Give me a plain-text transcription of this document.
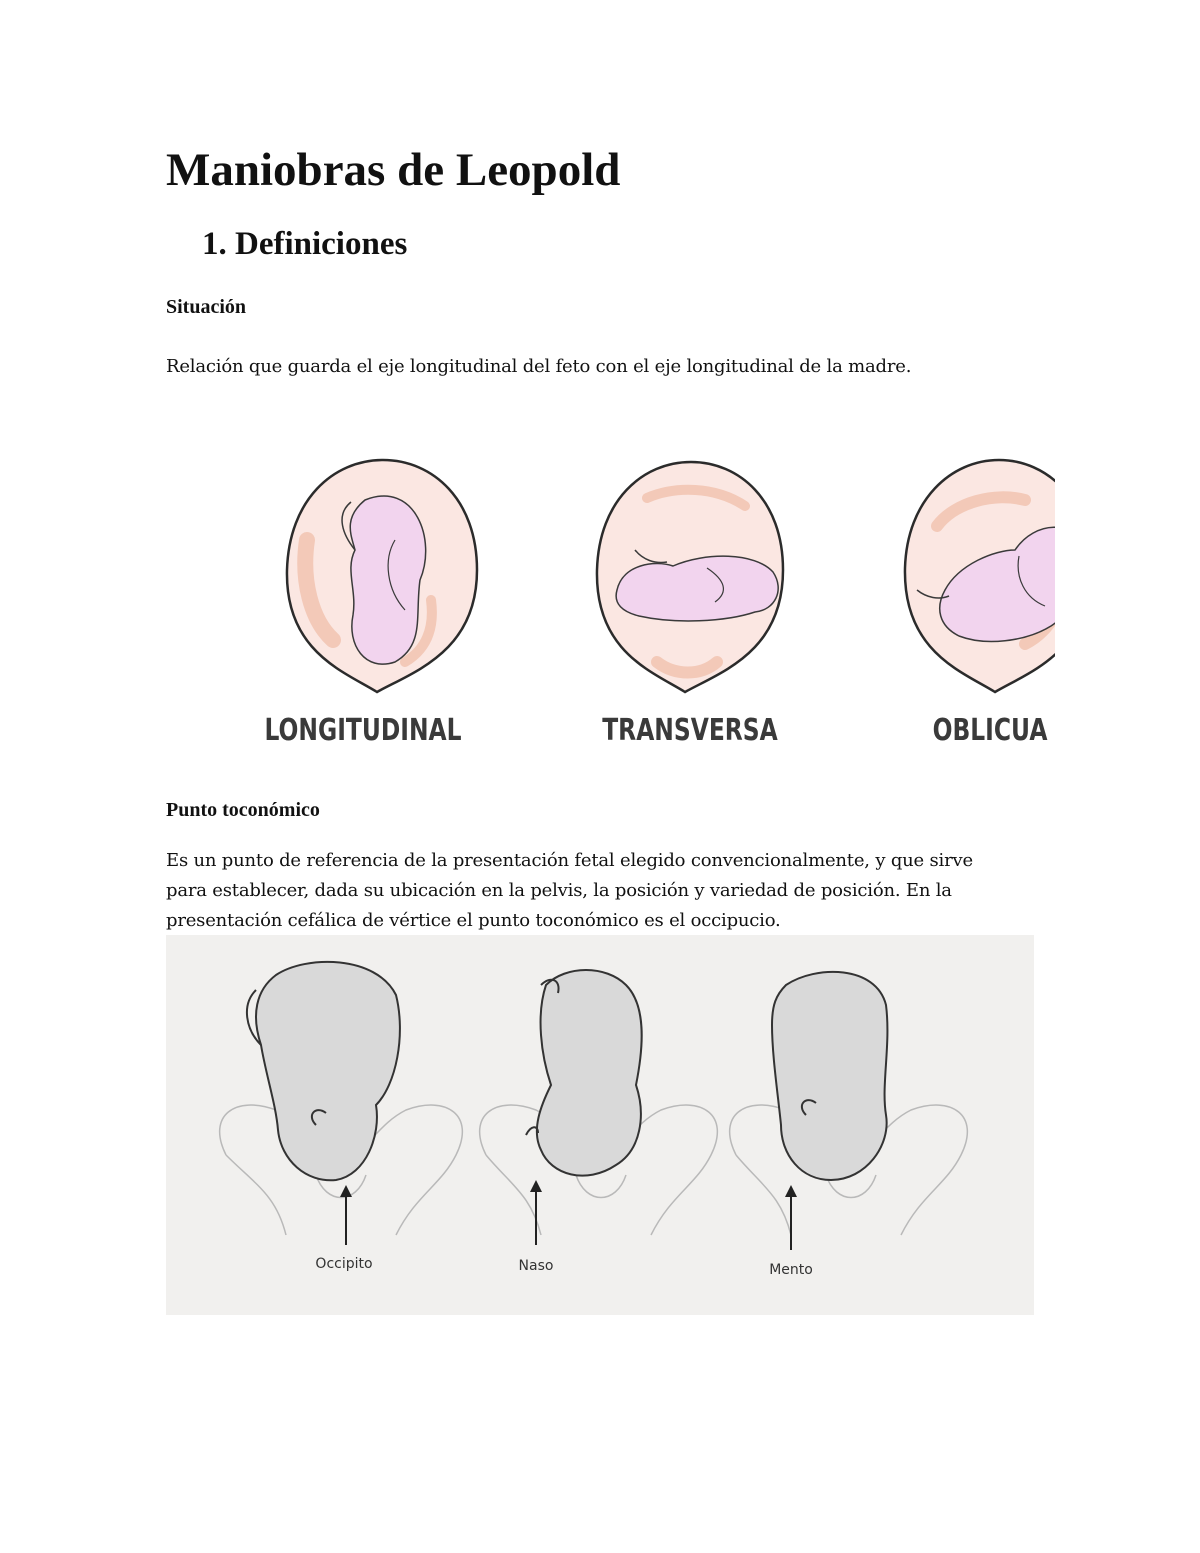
Maniobras de Leopold
1. Definiciones
Situación

Relación que guarda el eje longitudinal del feto con el eje longitudinal de la madre.

LONGITUDINAL	TRANSVERSA	OBLICUA
Punto toconómico

Es un punto de referencia de la presentación fetal elegido convencionalmente, y que sirve
para establecer, dada su ubicación en la pelvis, la posición y variedad de posición. En la
presentación cefálica de vértice el punto toconómico es el occipucio.

Occipito	Naso	Mento
